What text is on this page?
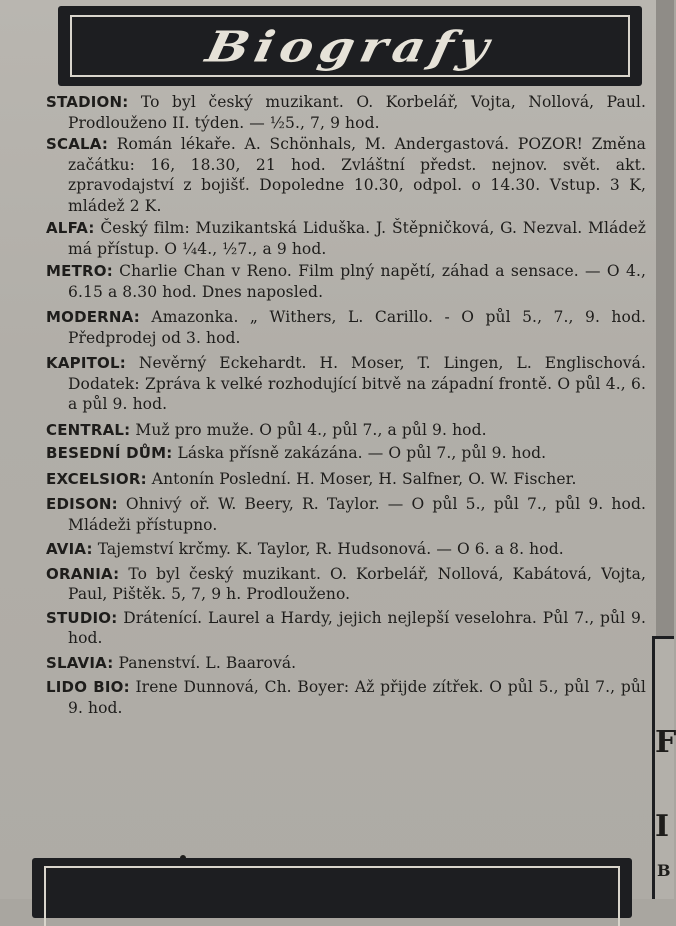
Biografy

STADION: To byl český muzikant. O. Korbelář, Vojta, Nollová, Paul. Prodlouženo II. týden. — ½5., 7, 9 hod.

SCALA: Román lékaře. A. Schönhals, M. Andergastová. POZOR! Změna začátku: 16, 18.30, 21 hod. Zvláštní předst. nejnov. svět. akt. zpravodajství z bojišť. Dopoledne 10.30, odpol. o 14.30. Vstup. 3 K, mládež 2 K.

ALFA: Český film: Muzikantská Liduška. J. Štěpničková, G. Nezval. Mládež má přístup. O ¼4., ½7., a 9 hod.

METRO: Charlie Chan v Reno. Film plný napětí, záhad a sensace. — O 4., 6.15 a 8.30 hod. Dnes naposled.

MODERNA: Amazonka. „ Withers, L. Carillo. - O půl 5., 7., 9. hod. Předprodej od 3. hod.

KAPITOL: Nevěrný Eckehardt. H. Moser, T. Lingen, L. Englischová. Dodatek: Zpráva k velké rozhodující bitvě na západní frontě. O půl 4., 6. a půl 9. hod.

CENTRAL: Muž pro muže. O půl 4., půl 7., a půl 9. hod.

BESEDNÍ DŮM: Láska přísně zakázána. — O půl 7., půl 9. hod.

EXCELSIOR: Antonín Poslední. H. Moser, H. Salfner, O. W. Fischer.

EDISON: Ohnivý oř. W. Beery, R. Taylor. — O půl 5., půl 7., půl 9. hod. Mládeži přístupno.

AVIA: Tajemství krčmy. K. Taylor, R. Hudsonová. — O 6. a 8. hod.

ORANIA: To byl český muzikant. O. Korbelář, Nollová, Kabátová, Vojta, Paul, Pištěk. 5, 7, 9 h. Prodlouženo.

STUDIO: Drátenící. Laurel a Hardy, jejich nejlepší veselohra. Půl 7., půl 9. hod.

SLAVIA: Panenství. L. Baarová.

LIDO BIO: Irene Dunnová, Ch. Boyer: Až přijde zítřek. O půl 5., půl 7., půl 9. hod.

F
I
B
